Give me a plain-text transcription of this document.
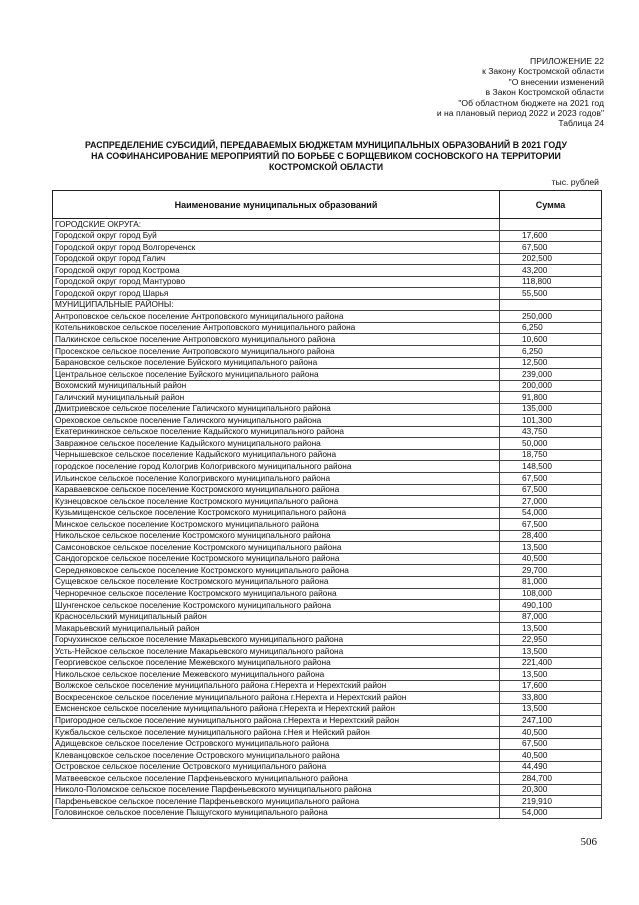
ПРИЛОЖЕНИЕ 22
к Закону Костромской области
"О внесении изменений
в Закон Костромской области
"Об областном бюджете на 2021 год
и на плановый период 2022 и 2023 годов"
Таблица 24
РАСПРЕДЕЛЕНИЕ СУБСИДИЙ, ПЕРЕДАВАЕМЫХ БЮДЖЕТАМ МУНИЦИПАЛЬНЫХ ОБРАЗОВАНИЙ В 2021 ГОДУ
НА СОФИНАНСИРОВАНИЕ МЕРОПРИЯТИЙ ПО БОРЬБЕ С БОРЩЕВИКОМ СОСНОВСКОГО НА ТЕРРИТОРИИ
КОСТРОМСКОЙ ОБЛАСТИ
тыс. рублей
Наименование муниципальных образований	Сумма
ГОРОДСКИЕ ОКРУГА:	
Городской округ город Буй	17,600
Городской округ город Волгореченск	67,500
Городской округ город Галич	202,500
Городской округ город Кострома	43,200
Городской округ город Мантурово	118,800
Городской округ город Шарья	55,500
МУНИЦИПАЛЬНЫЕ РАЙОНЫ:	
Антроповское сельское поселение Антроповского муниципального района	250,000
Котельниковское сельское поселение Антроповского муниципального района	6,250
Палкинское сельское поселение Антроповского муниципального района	10,600
Просекское сельское поселение Антроповского муниципального района	6,250
Барановское сельское поселение Буйского муниципального района	12,500
Центральное сельское поселение Буйского муниципального района	239,000
Вохомский муниципальный район	200,000
Галичский муниципальный район	91,800
Дмитриевское сельское поселение Галичского муниципального района	135,000
Ореховское сельское поселение Галичского муниципального района	101,300
Екатеринкинское сельское поселение Кадыйского муниципального района	43,750
Завражное сельское поселение Кадыйского муниципального района	50,000
Чернышевское сельское поселение Кадыйского муниципального района	18,750
городское поселение город Кологрив Кологривского муниципального района	148,500
Ильинское сельское поселение Кологривского муниципального района	67,500
Караваевское сельское поселение Костромского муниципального района	67,500
Кузнецовское сельское поселение Костромского муниципального района	27,000
Кузьмищенское сельское поселение Костромского муниципального района	54,000
Минское сельское поселение Костромского муниципального района	67,500
Никольское сельское поселение Костромского муниципального района	28,400
Самсоновское сельское поселение Костромского муниципального района	13,500
Сандогорское сельское поселение Костромского муниципального района	40,500
Середняковское сельское поселение Костромского муниципального района	29,700
Сущевское сельское поселение Костромского муниципального района	81,000
Черноречное сельское поселение Костромского муниципального района	108,000
Шунгенское сельское поселение Костромского муниципального района	490,100
Красносельский муниципальный район	87,000
Макарьевский муниципальный район	13,500
Горчухинское сельское поселение Макарьевского муниципального района	22,950
Усть-Нейское сельское поселение Макарьевского муниципального района	13,500
Георгиевское сельское поселение Межевского муниципального района	221,400
Никольское сельское поселение Межевского муниципального района	13,500
Волжское сельское поселение муниципального района г.Нерехта и Нерехтский район	17,600
Воскресенское сельское поселение муниципального района г.Нерехта и Нерехтский район	33,800
Емсненское сельское поселение муниципального района г.Нерехта и Нерехтский район	13,500
Пригородное сельское поселение муниципального района г.Нерехта и Нерехтский район	247,100
Кужбальское сельское поселение муниципального района г.Нея и Нейский район	40,500
Адищевское сельское поселение Островского муниципального района	67,500
Клеванцовское сельское поселение Островского муниципального района	40,500
Островское сельское поселение Островского муниципального района	44,490
Матвеевское сельское поселение Парфеньевского муниципального района	284,700
Николо-Поломское сельское поселение Парфеньевского муниципального района	20,300
Парфеньевское сельское поселение Парфеньевского муниципального района	219,910
Головинское сельское поселение Пыщугского муниципального района	54,000
506
